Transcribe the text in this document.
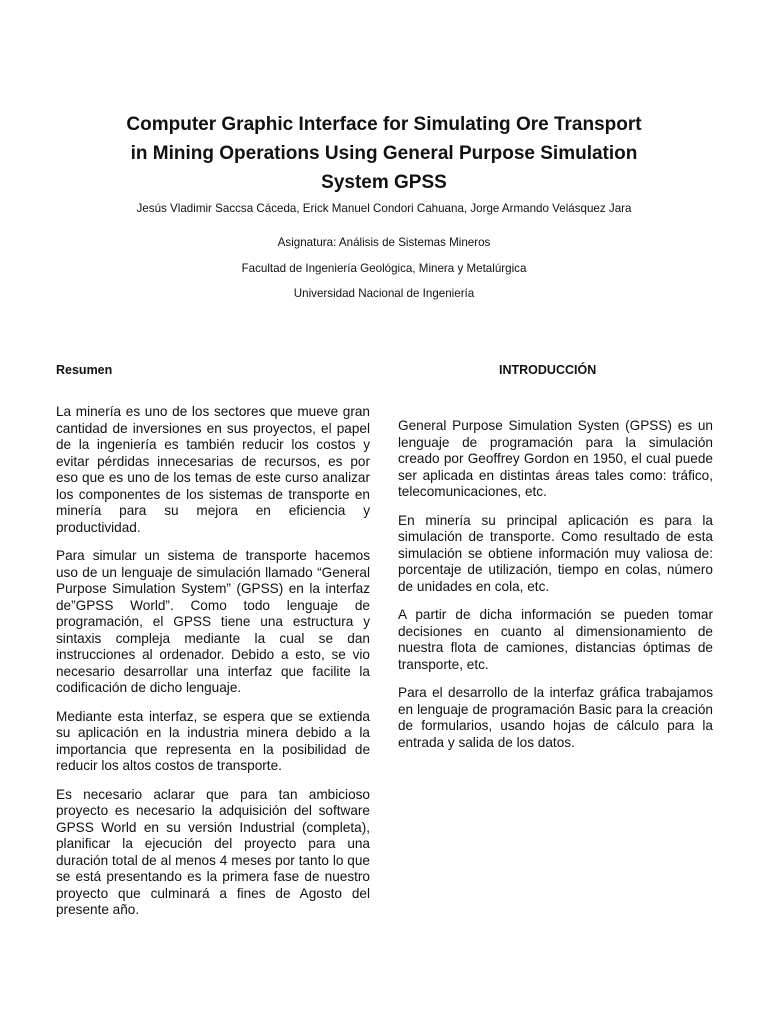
Computer Graphic Interface for Simulating Ore Transport
in Mining Operations Using General Purpose Simulation
System GPSS
Jesús Vladimir Saccsa Cáceda, Erick Manuel Condori Cahuana, Jorge Armando Velásquez Jara
Asignatura: Análisis de Sistemas Mineros
Facultad de Ingeniería Geológica, Minera y Metalúrgica
Universidad Nacional de Ingeniería
Resumen	INTRODUCCIÓN

La minería es uno de los sectores que mueve gran cantidad de inversiones en sus proyectos, el papel de la ingeniería es también reducir los costos y evitar pérdidas innecesarias de recursos, es por eso que es uno de los temas de este curso analizar los componentes de los sistemas de transporte en minería para su mejora en eficiencia y productividad.

Para simular un sistema de transporte hacemos uso de un lenguaje de simulación llamado “General Purpose Simulation System” (GPSS) en la interfaz de”GPSS World”. Como todo lenguaje de programación, el GPSS tiene una estructura y sintaxis compleja mediante la cual se dan instrucciones al ordenador. Debido a esto, se vio necesario desarrollar una interfaz que facilite la codificación de dicho lenguaje.

Mediante esta interfaz, se espera que se extienda su aplicación en la industria minera debido a la importancia que representa en la posibilidad de reducir los altos costos de transporte.

Es necesario aclarar que para tan ambicioso proyecto es necesario la adquisición del software GPSS World en su versión Industrial (completa), planificar la ejecución del proyecto para una duración total de al menos 4 meses por tanto lo que se está presentando es la primera fase de nuestro proyecto que culminará a fines de Agosto del presente año.

General Purpose Simulation Systen (GPSS) es un lenguaje de programación para la simulación creado por Geoffrey Gordon en 1950, el cual puede ser aplicada en distintas áreas tales como: tráfico, telecomunicaciones, etc.

En minería su principal aplicación es para la simulación de transporte. Como resultado de esta simulación se obtiene información muy valiosa de: porcentaje de utilización, tiempo en colas, número de unidades en cola, etc.

A partir de dicha información se pueden tomar decisiones en cuanto al dimensionamiento de nuestra flota de camiones, distancias óptimas de transporte, etc.

Para el desarrollo de la interfaz gráfica trabajamos en lenguaje de programación Basic para la creación de formularios, usando hojas de cálculo para la entrada y salida de los datos.
